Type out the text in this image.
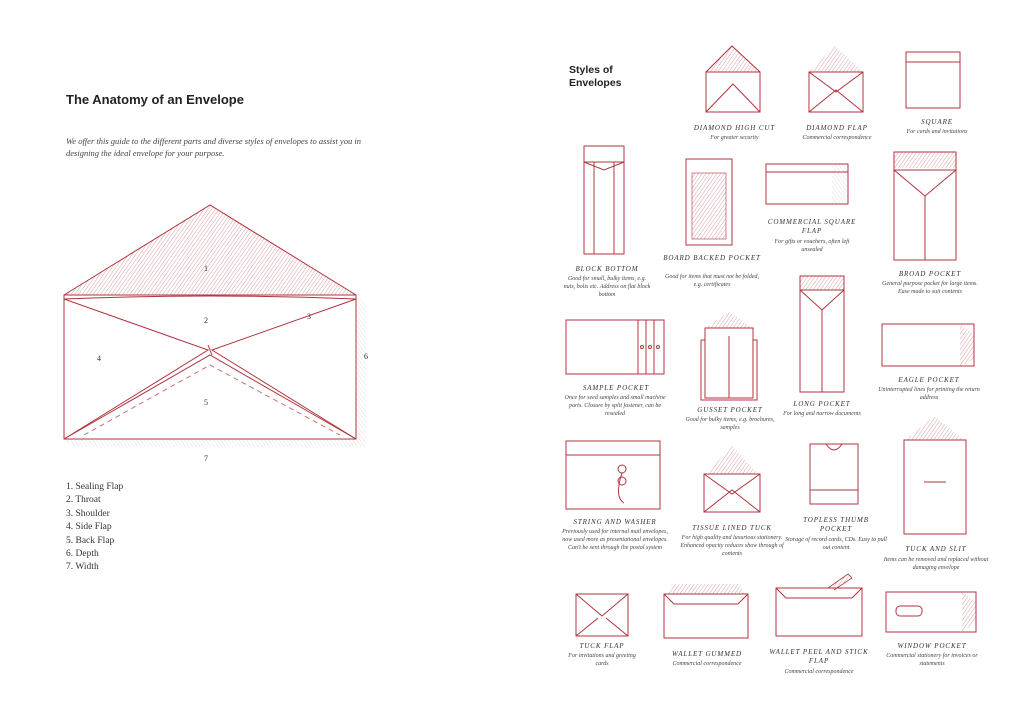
The Anatomy of an Envelope
We offer this guide to the different parts and diverse styles of envelopes to assist you in designing the ideal envelope for your purpose.
1
2	3
4
5
6
7
1. Sealing Flap
2. Throat
3. Shoulder
4. Side Flap
5. Back Flap
6. Depth
7. Width
Styles of
Envelopes
DIAMOND HIGH CUT
For greater security
DIAMOND FLAP
Commercial correspondence
SQUARE
For cards and invitations
BLOCK BOTTOM
Good for small, bulky items, e.g. nuts, bolts etc. Address on flat block bottom
BOARD BACKED POCKET
Good for items that must not be folded, e.g. certificates
COMMERCIAL SQUARE FLAP
For gifts or vouchers, often left unsealed
BROAD POCKET
General purpose pocket for large items. Ease made to suit contents
SAMPLE POCKET
Once for seed samples and small machine parts. Closure by split fastener, can be resealed	GUSSET POCKET
Good for bulky items, e.g. brochures, samples
LONG POCKET
For long and narrow documents
EAGLE POCKET
Uninterrupted lines for printing the return address
STRING AND WASHER
Previously used for internal mail envelopes, now used more as presentational envelopes. Can't be sent through the postal system
TISSUE LINED TUCK
For high quality and luxurious stationery. Enhanced opacity reduces show through of contents
TOPLESS THUMB POCKET
Storage of record cards, CDs. Easy to pull out content	TUCK AND SLIT
Items can be removed and replaced without damaging envelope
TUCK FLAP
For invitations and greeting cards
WALLET GUMMED
Commercial correspondence
WALLET PEEL AND STICK FLAP
Commercial correspondence
WINDOW POCKET
Commercial stationery for invoices or statements
